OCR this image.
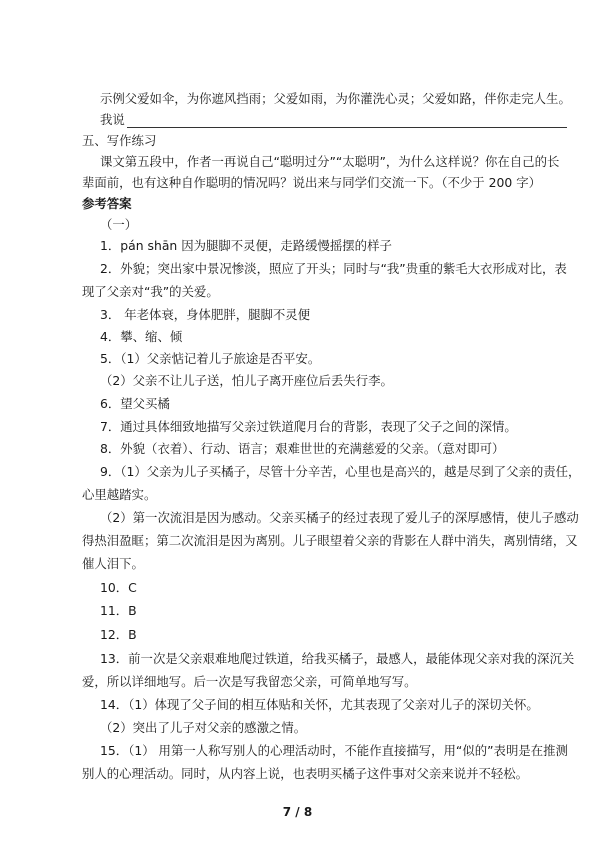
示例父爱如伞，为你遮风挡雨；父爱如雨，为你灌洗心灵；父爱如路，伴你走完人生。
我说
五、写作练习
课文第五段中，作者一再说自己“聪明过分”“太聪明”，为什么这样说？你在自己的长
辈面前，也有这种自作聪明的情况吗？说出来与同学们交流一下。（不少于 200 字）
参考答案
（一）
1．pán shān 因为腿脚不灵便，走路缓慢摇摆的样子
2．外貌；突出家中景况惨淡，照应了开头；同时与“我”贵重的紫毛大衣形成对比，表
现了父亲对“我”的关爱。
3． 年老体衰，身体肥胖，腿脚不灵便
4．攀、缩、倾
5．（1）父亲惦记着儿子旅途是否平安。
（2）父亲不让儿子送，怕儿子离开座位后丢失行李。
6．望父买橘
7．通过具体细致地描写父亲过铁道爬月台的背影，表现了父子之间的深情。
8．外貌（衣着）、行动、语言；艰难世世的充满慈爱的父亲。（意对即可）
9．（1）父亲为儿子买橘子，尽管十分辛苦，心里也是高兴的，越是尽到了父亲的责任，
心里越踏实。
（2）第一次流泪是因为感动。父亲买橘子的经过表现了爱儿子的深厚感情，使儿子感动
得热泪盈眶；第二次流泪是因为离别。儿子眼望着父亲的背影在人群中消失，离别情绪，又
催人泪下。
10．C
11．B
12．B
13．前一次是父亲艰难地爬过铁道，给我买橘子，最感人，最能体现父亲对我的深沉关
爱，所以详细地写。后一次是写我留恋父亲，可简单地写写。
14．（1）体现了父子间的相互体贴和关怀，尤其表现了父亲对儿子的深切关怀。
（2）突出了儿子对父亲的感激之情。
15．（1） 用第一人称写别人的心理活动时，不能作直接描写，用“似的”表明是在推测
别人的心理活动。同时，从内容上说，也表明买橘子这件事对父亲来说并不轻松。
7 / 8
